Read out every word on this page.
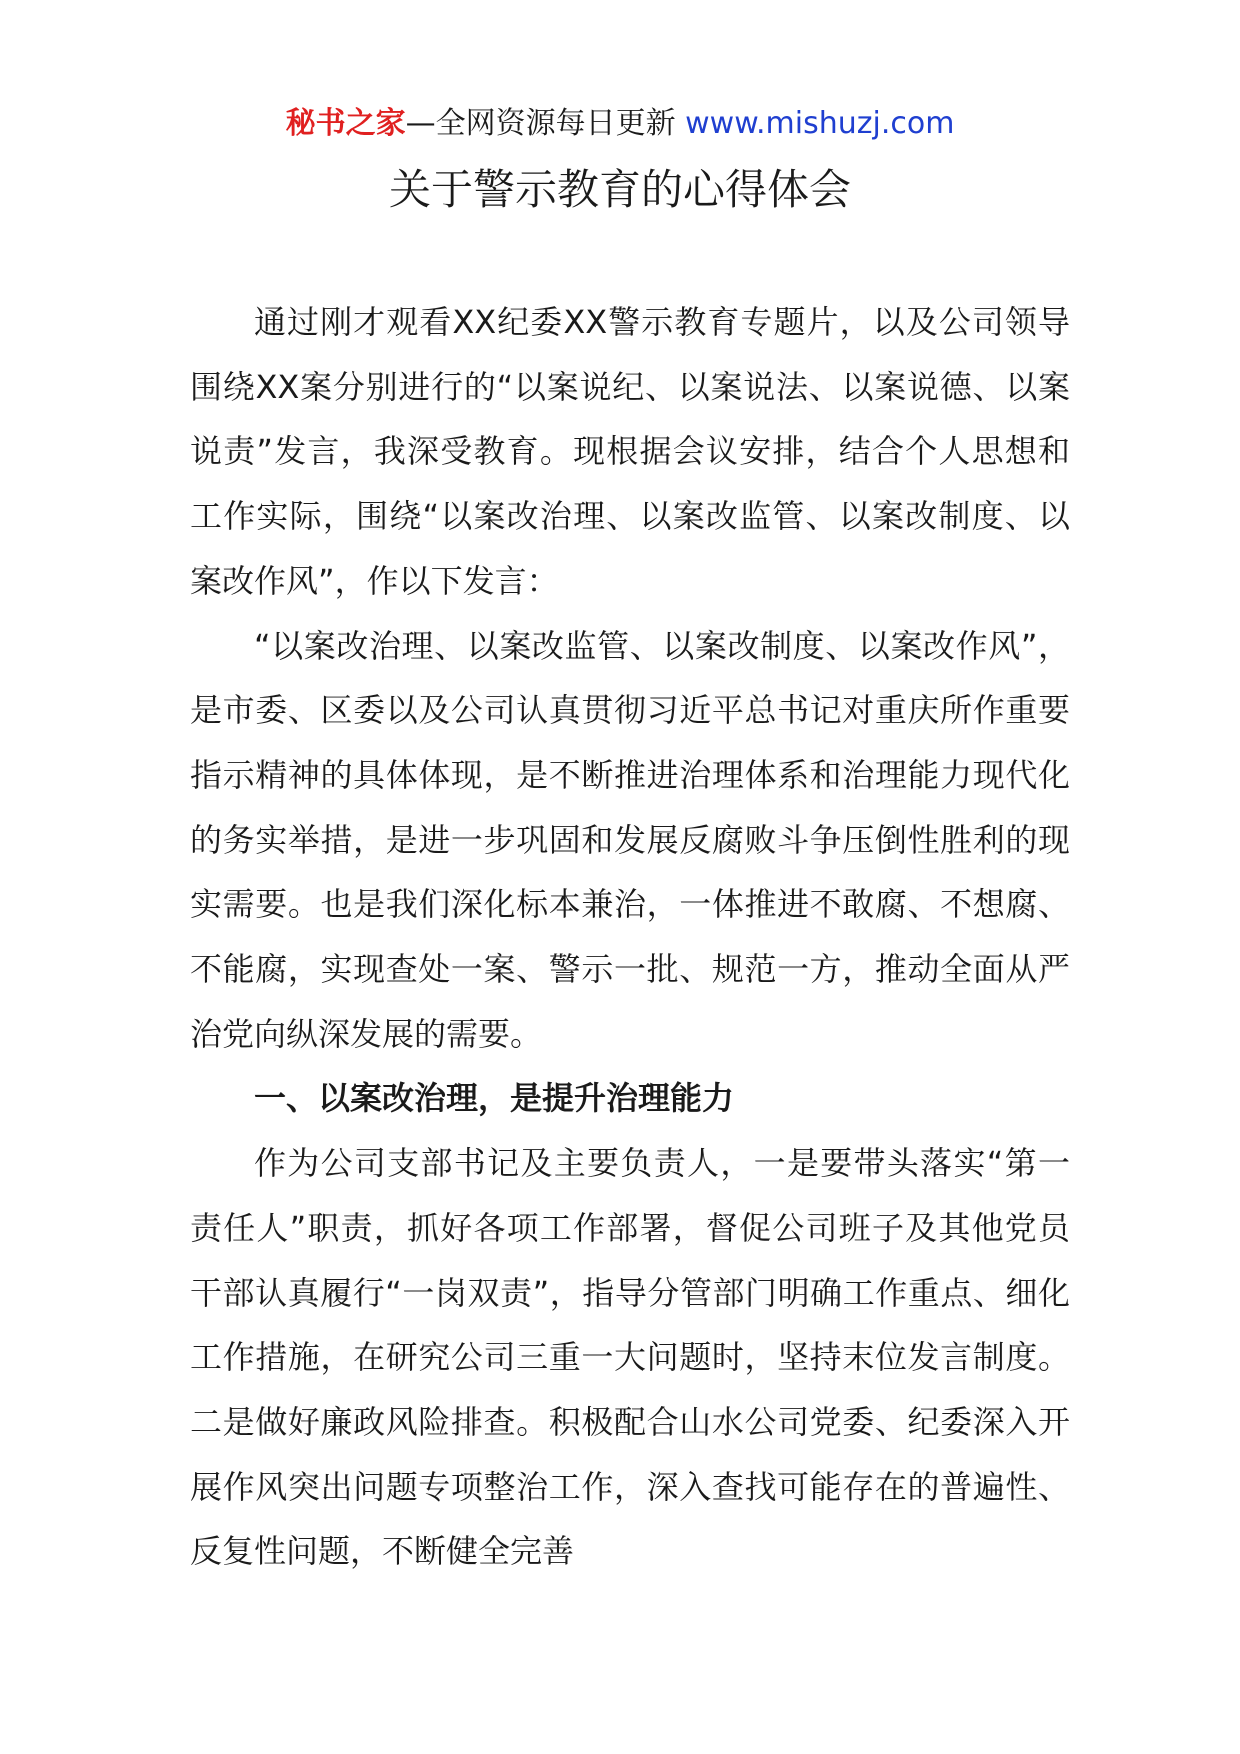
秘书之家—全网资源每日更新 www.mishuzj.com
关于警示教育的心得体会

通过刚才观看XX纪委XX警示教育专题片，以及公司领导围绕XX案分别进行的“以案说纪、以案说法、以案说德、以案说责”发言，我深受教育。现根据会议安排，结合个人思想和工作实际，围绕“以案改治理、以案改监管、以案改制度、以案改作风”，作以下发言：

“以案改治理、以案改监管、以案改制度、以案改作风”，是市委、区委以及公司认真贯彻习近平总书记对重庆所作重要指示精神的具体体现，是不断推进治理体系和治理能力现代化的务实举措，是进一步巩固和发展反腐败斗争压倒性胜利的现实需要。也是我们深化标本兼治，一体推进不敢腐、不想腐、不能腐，实现查处一案、警示一批、规范一方，推动全面从严治党向纵深发展的需要。

一、以案改治理，是提升治理能力

作为公司支部书记及主要负责人，一是要带头落实“第一责任人”职责，抓好各项工作部署，督促公司班子及其他党员干部认真履行“一岗双责”，指导分管部门明确工作重点、细化工作措施，在研究公司三重一大问题时，坚持末位发言制度。二是做好廉政风险排查。积极配合山水公司党委、纪委深入开展作风突出问题专项整治工作，深入查找可能存在的普遍性、反复性问题，不断健全完善
